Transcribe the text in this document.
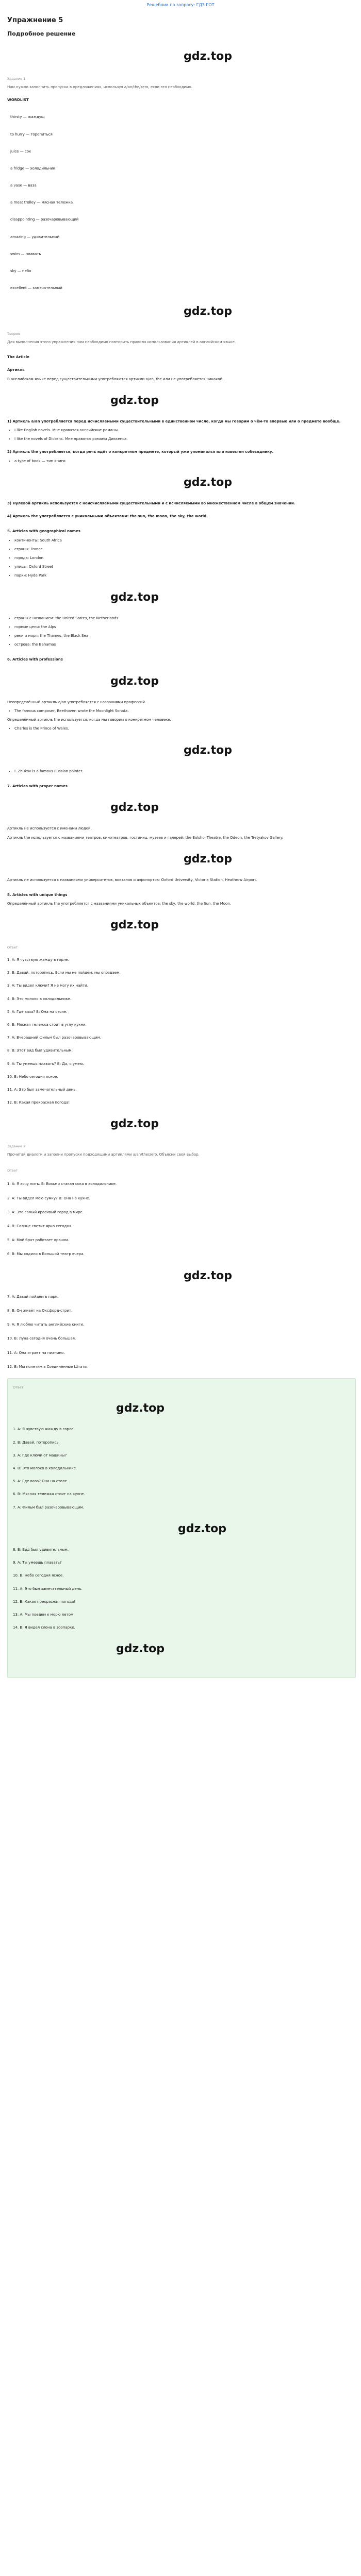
Решебник по запросу: ГДЗ ГОТ
Упражнение 5
Подробное решение
gdz.top
Задание 1
Нам нужно заполнить пропуски в предложениях, используя a/an/the/zero, если это необходимо.
WORDLIST
thirsty — жаждущ
to hurry — торопиться
juice — сок
a fridge — холодильник
a vase — ваза
a meat trolley — мясная тележка
disappointing — разочаровывающий
amazing — удивительный
swim — плавать
sky — небо
excellent — замечательный
gdz.top
Теория
Для выполнения этого упражнения нам необходимо повторить правила использования артиклей в английском языке.
The Article
Артикль

В английском языке перед существительными употребляются артикли a/an, the или не употребляется никакой.

gdz.top

1) Артикль a/an употребляется перед исчисляемыми существительными в единственном числе, когда мы говорим о чём-то впервые или о предмете вообще.

• I like English novels. Мне нравятся английские романы.
• I like the novels of Dickens. Мне нравятся романы Диккенса.

2) Артикль the употребляется, когда речь идёт о конкретном предмете, который уже упоминался или известен собеседнику.

• a type of book — тип книги
gdz.top

3) Нулевой артикль используется с неисчисляемыми существительными и с исчисляемыми во множественном числе в общем значении.

4) Артикль the употребляется с уникальными объектами: the sun, the moon, the sky, the world.

5. Articles with geographical names
• континенты: South Africa
• страны: France
• города: London
• улицы: Oxford Street
• парки: Hyde Park
gdz.top
• страны с названием: the United States, the Netherlands
• горные цепи: the Alps
• реки и моря: the Thames, the Black Sea
• острова: the Bahamas
6. Articles with professions
gdz.top

Неопределённый артикль a/an употребляется с названиями профессий.

• The famous composer, Beethoven wrote the Moonlight Sonata.

Определённый артикль the используется, когда мы говорим о конкретном человеке.

• Charles is the Prince of Wales.
gdz.top
• I. Zhukov is a famous Russian painter.
7. Articles with proper names
gdz.top

Артикль не используется с именами людей.

Артикль the используется с названиями театров, кинотеатров, гостиниц, музеев и галерей: the Bolshoi Theatre, the Odeon, the Tretyakov Gallery.

gdz.top

Артикль не используется с названиями университетов, вокзалов и аэропортов: Oxford University, Victoria Station, Heathrow Airport.

8. Articles with unique things

Определённый артикль the употребляется с названиями уникальных объектов: the sky, the world, the Sun, the Moon.

gdz.top
Ответ
1. A: Я чувствую жажду в горле.
2. B: Давай, поторопись. Если мы не пойдём, мы опоздаем.
3. A: Ты видел ключи? Я не могу их найти.
4. B: Это молоко в холодильнике.
5. A: Где ваза? B: Она на столе.
6. B: Мясная тележка стоит в углу кухни.
7. A: Вчерашний фильм был разочаровывающим.
8. B: Этот вид был удивительным.
9. A: Ты умеешь плавать? B: Да, я умею.
10. B: Небо сегодня ясное.
11. A: Это был замечательный день.
12. B: Какая прекрасная погода!
gdz.top
Задание 2
Прочитай диалоги и заполни пропуски подходящими артиклями a/an/the/zero. Объясни свой выбор.
Ответ
1. A: Я хочу пить. B: Возьми стакан сока в холодильнике.
2. A: Ты видел мою сумку? B: Она на кухне.
3. A: Это самый красивый город в мире.
4. B: Солнце светит ярко сегодня.
5. A: Мой брат работает врачом.
6. B: Мы ходили в Большой театр вчера.
gdz.top
7. A: Давай пойдём в парк.
8. B: Он живёт на Оксфорд-стрит.
9. A: Я люблю читать английские книги.
10. B: Луна сегодня очень большая.
11. A: Она играет на пианино.
12. B: Мы полетим в Соединённые Штаты.
Ответ
gdz.top
1. A: Я чувствую жажду в горле.
2. B: Давай, поторопись.
3. A: Где ключи от машины?
4. B: Это молоко в холодильнике.
5. A: Где ваза? Она на столе.
6. B: Мясная тележка стоит на кухне.
7. A: Фильм был разочаровывающим.
gdz.top
8. B: Вид был удивительным.
9. A: Ты умеешь плавать?
10. B: Небо сегодня ясное.
11. A: Это был замечательный день.
12. B: Какая прекрасная погода!
13. A: Мы поедем к морю летом.
14. B: Я видел слона в зоопарке.
gdz.top
